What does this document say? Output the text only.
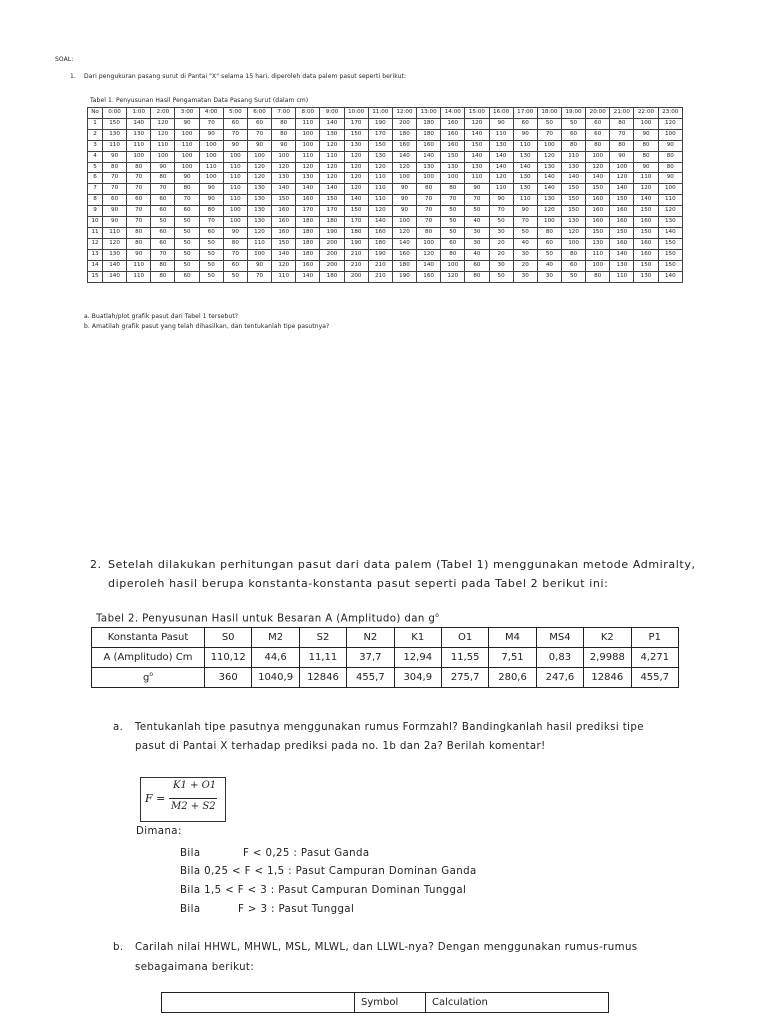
SOAL:
1. Dari pengukuran pasang surut di Pantai "X" selama 15 hari, diperoleh data palem pasut seperti berikut:
Tabel 1. Penyusunan Hasil Pengamatan Data Pasang Surut (dalam cm)
No	0:00	1:00	2:00	3:00	4:00	5:00	6:00	7:00	8:00	9:00	10:00	11:00	12:00	13:00	14:00	15:00	16:00	17:00	18:00	19:00	20:00	21:00	22:00	23:00
1	150	140	120	90	70	60	60	80	110	140	170	190	200	180	160	120	90	60	50	50	60	80	100	120
2	130	130	120	100	90	70	70	80	100	130	150	170	180	180	160	140	110	90	70	60	60	70	90	100
3	110	110	110	110	100	90	90	90	100	120	130	150	160	160	160	150	130	110	100	80	80	80	80	90
4	90	100	100	100	100	100	100	100	110	110	120	130	140	140	150	140	140	130	120	110	100	90	80	80
5	80	80	90	100	110	110	120	120	120	120	120	120	120	130	130	130	140	140	130	130	120	100	90	80
6	70	70	80	90	100	110	120	130	130	120	120	110	100	100	100	110	120	130	140	140	140	120	110	90
7	70	70	70	80	90	110	130	140	140	140	120	110	90	80	80	90	110	130	140	150	150	140	120	100
8	60	60	60	70	90	110	130	150	160	150	140	110	90	70	70	70	90	110	130	150	160	150	140	110
9	90	70	60	60	80	100	130	160	170	170	150	120	90	70	50	50	70	90	120	150	160	160	150	120
10	90	70	50	50	70	100	130	160	180	180	170	140	100	70	50	40	50	70	100	130	160	160	160	130
11	110	80	60	50	60	90	120	160	180	190	180	160	120	80	50	30	30	50	80	120	150	150	150	140
12	120	80	60	50	50	80	110	150	180	200	190	180	140	100	60	30	20	40	60	100	130	160	160	150
13	130	90	70	50	50	70	100	140	180	200	210	190	160	120	80	40	20	30	50	80	110	140	160	150
14	140	110	80	50	50	60	90	120	160	200	210	210	180	140	100	60	30	20	40	60	100	130	150	150
15	140	110	80	60	50	50	70	110	140	180	200	210	190	160	120	80	50	30	30	50	80	110	130	140
a. Buatlah/plot grafik pasut dari Tabel 1 tersebut?
b. Amatilah grafik pasut yang telah dihasilkan, dan tentukanlah tipe pasutnya?
2. Setelah dilakukan perhitungan pasut dari data palem (Tabel 1) menggunakan metode Admiralty,
diperoleh hasil berupa konstanta-konstanta pasut seperti pada Tabel 2 berikut ini:
Tabel 2. Penyusunan Hasil untuk Besaran A (Amplitudo) dan $g^o$
Konstanta Pasut	S0	M2	S2	N2	K1	O1	M4	MS4	K2	P1
A (Amplitudo) Cm	110,12	44,6	11,11	37,7	12,94	11,55	7,51	0,83	2,9988	4,271
$g^o$	360	1040,9	12846	455,7	304,9	275,7	280,6	247,6	12846	455,7
a. Tentukanlah tipe pasutnya menggunakan rumus Formzahl? Bandingkanlah hasil prediksi tipe
pasut di Pantai X terhadap prediksi pada no. 1b dan 2a? Berilah komentar!
F =
K1 + O1
M2 + S2
Dimana:
Bila	F < 0,25 : Pasut Ganda
Bila 0,25 < F < 1,5 : Pasut Campuran Dominan Ganda
Bila 1,5 < F < 3 : Pasut Campuran Dominan Tunggal
Bila	F > 3 : Pasut Tunggal
b. Carilah nilai HHWL, MHWL, MSL, MLWL, dan LLWL-nya? Dengan menggunakan rumus-rumus
sebagaimana berikut:
	Symbol	Calculation
